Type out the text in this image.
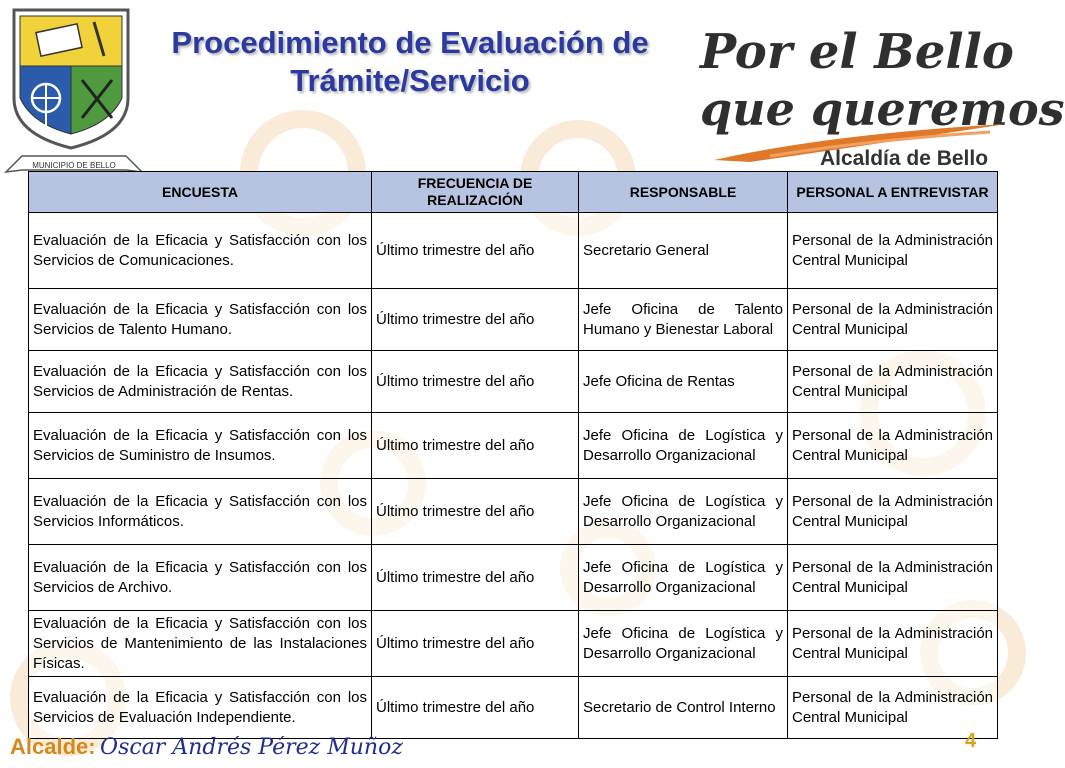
MUNICIPIO DE BELLO
Procedimiento de Evaluación de
Trámite/Servicio
Por el Bello
que queremos
Alcaldía de Bello
ENCUESTA	FRECUENCIA DE REALIZACIÓN	RESPONSABLE	PERSONAL A ENTREVISTAR
Evaluación de la Eficacia y Satisfacción con los Servicios de Comunicaciones.	Último trimestre del año	Secretario General	Personal de la Administración Central Municipal
Evaluación de la Eficacia y Satisfacción con los Servicios de Talento Humano.	Último trimestre del año	Jefe Oficina de Talento Humano y Bienestar Laboral	Personal de la Administración Central Municipal
Evaluación de la Eficacia y Satisfacción con los Servicios de Administración de Rentas.	Último trimestre del año	Jefe Oficina de Rentas	Personal de la Administración Central Municipal
Evaluación de la Eficacia y Satisfacción con los Servicios de Suministro de Insumos.	Último trimestre del año	Jefe Oficina de Logística y Desarrollo Organizacional	Personal de la Administración Central Municipal
Evaluación de la Eficacia y Satisfacción con los Servicios Informáticos.	Último trimestre del año	Jefe Oficina de Logística y Desarrollo Organizacional	Personal de la Administración Central Municipal
Evaluación de la Eficacia y Satisfacción con los Servicios de Archivo.	Último trimestre del año	Jefe Oficina de Logística y Desarrollo Organizacional	Personal de la Administración Central Municipal
Evaluación de la Eficacia y Satisfacción con los Servicios de Mantenimiento de las Instalaciones Físicas.	Último trimestre del año	Jefe Oficina de Logística y Desarrollo Organizacional	Personal de la Administración Central Municipal
Evaluación de la Eficacia y Satisfacción con los Servicios de Evaluación Independiente.	Último trimestre del año	Secretario de Control Interno	Personal de la Administración Central Municipal
Alcalde: Oscar Andrés Pérez Muñoz	4
